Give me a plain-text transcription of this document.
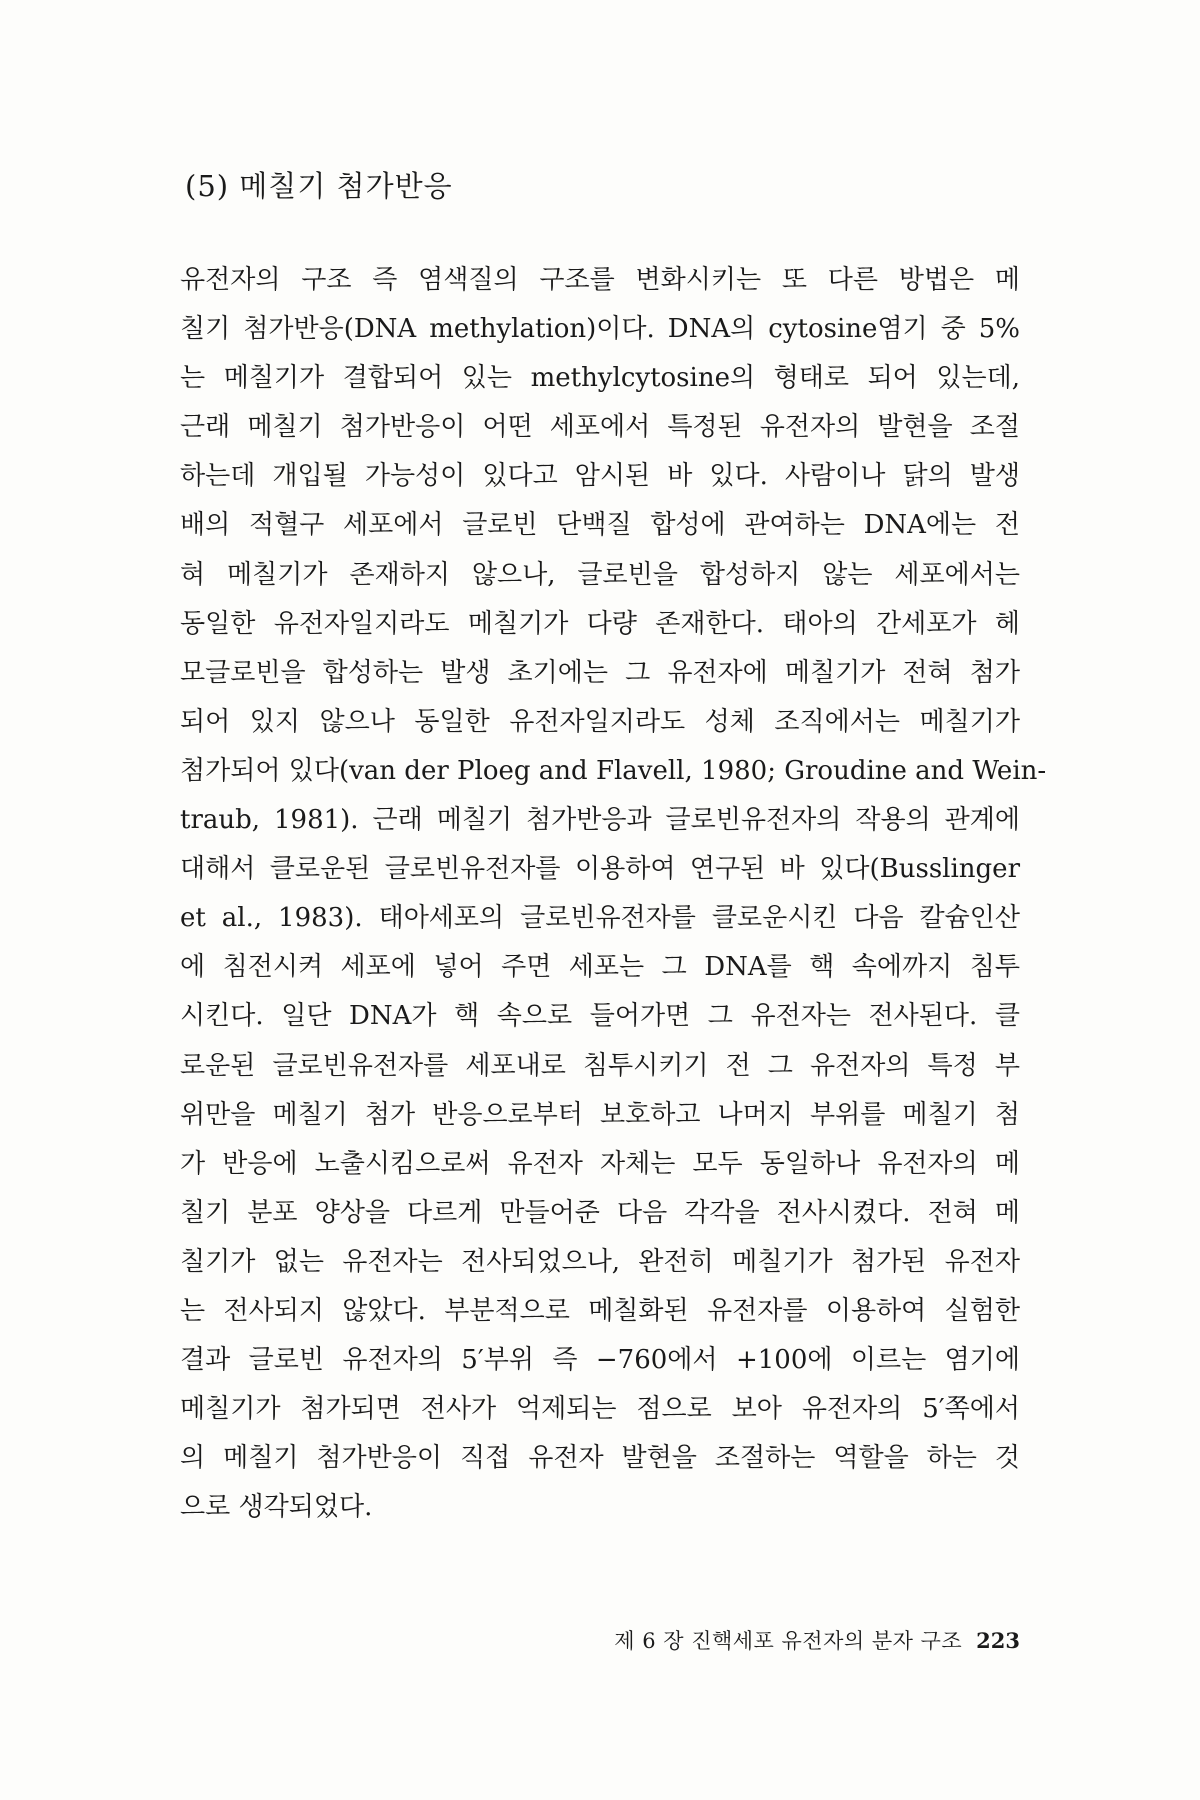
(5) 메칠기 첨가반응
유전자의 구조 즉 염색질의 구조를 변화시키는 또 다른 방법은 메
칠기 첨가반응(DNA methylation)이다. DNA의 cytosine염기 중 5%
는 메칠기가 결합되어 있는 methylcytosine의 형태로 되어 있는데,
근래 메칠기 첨가반응이 어떤 세포에서 특정된 유전자의 발현을 조절
하는데 개입될 가능성이 있다고 암시된 바 있다. 사람이나 닭의 발생
배의 적혈구 세포에서 글로빈 단백질 합성에 관여하는 DNA에는 전
혀 메칠기가 존재하지 않으나, 글로빈을 합성하지 않는 세포에서는
동일한 유전자일지라도 메칠기가 다량 존재한다. 태아의 간세포가 헤
모글로빈을 합성하는 발생 초기에는 그 유전자에 메칠기가 전혀 첨가
되어 있지 않으나 동일한 유전자일지라도 성체 조직에서는 메칠기가
첨가되어 있다(van der Ploeg and Flavell, 1980; Groudine and Wein-
traub, 1981). 근래 메칠기 첨가반응과 글로빈유전자의 작용의 관계에
대해서 클로운된 글로빈유전자를 이용하여 연구된 바 있다(Busslinger
et al., 1983). 태아세포의 글로빈유전자를 클로운시킨 다음 칼슘인산
에 침전시켜 세포에 넣어 주면 세포는 그 DNA를 핵 속에까지 침투
시킨다. 일단 DNA가 핵 속으로 들어가면 그 유전자는 전사된다. 클
로운된 글로빈유전자를 세포내로 침투시키기 전 그 유전자의 특정 부
위만을 메칠기 첨가 반응으로부터 보호하고 나머지 부위를 메칠기 첨
가 반응에 노출시킴으로써 유전자 자체는 모두 동일하나 유전자의 메
칠기 분포 양상을 다르게 만들어준 다음 각각을 전사시켰다. 전혀 메
칠기가 없는 유전자는 전사되었으나, 완전히 메칠기가 첨가된 유전자
는 전사되지 않았다. 부분적으로 메칠화된 유전자를 이용하여 실험한
결과 글로빈 유전자의 5′부위 즉 −760에서 +100에 이르는 염기에
메칠기가 첨가되면 전사가 억제되는 점으로 보아 유전자의 5′쪽에서
의 메칠기 첨가반응이 직접 유전자 발현을 조절하는 역할을 하는 것
으로 생각되었다.
제 6 장 진핵세포 유전자의 분자 구조 223
